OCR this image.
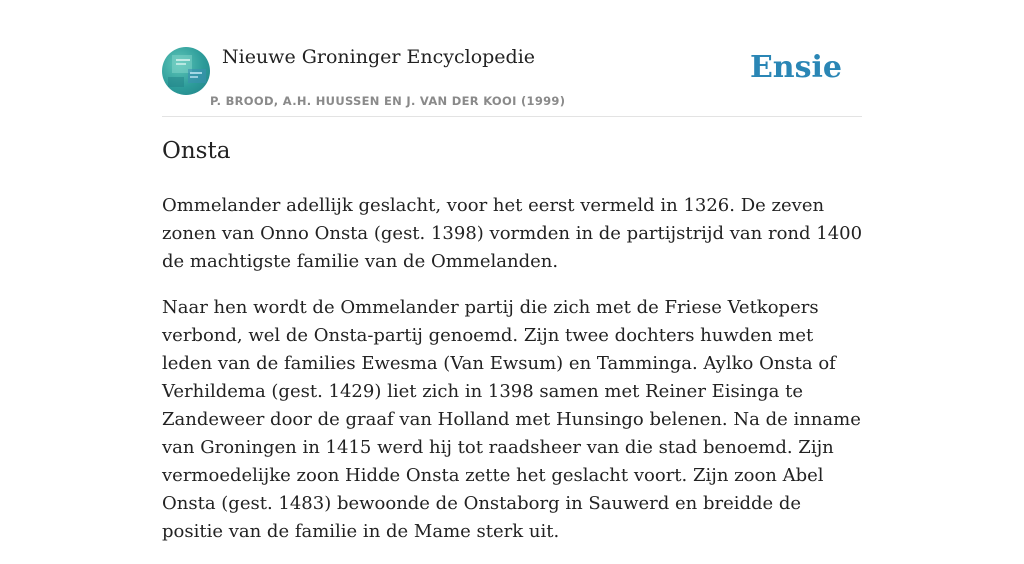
Nieuwe Groninger Encyclopedie
P. BROOD, A.H. HUUSSEN EN J. VAN DER KOOI (1999)
Ensie
Onsta

Ommelander adellijk geslacht, voor het eerst vermeld in 1326. De zeven zonen van Onno Onsta (gest. 1398) vormden in de partijstrijd van rond 1400 de machtigste familie van de Ommelanden.

Naar hen wordt de Ommelander partij die zich met de Friese Vetkopers verbond, wel de Onsta-partij genoemd. Zijn twee dochters huwden met leden van de families Ewesma (Van Ewsum) en Tamminga. Aylko Onsta of Verhildema (gest. 1429) liet zich in 1398 samen met Reiner Eisinga te Zandeweer door de graaf van Holland met Hunsingo belenen. Na de inname van Groningen in 1415 werd hij tot raadsheer van die stad benoemd. Zijn vermoedelijke zoon Hidde Onsta zette het geslacht voort. Zijn zoon Abel Onsta (gest. 1483) bewoonde de Onstaborg in Sauwerd en breidde de positie van de familie in de Mame sterk uit.
